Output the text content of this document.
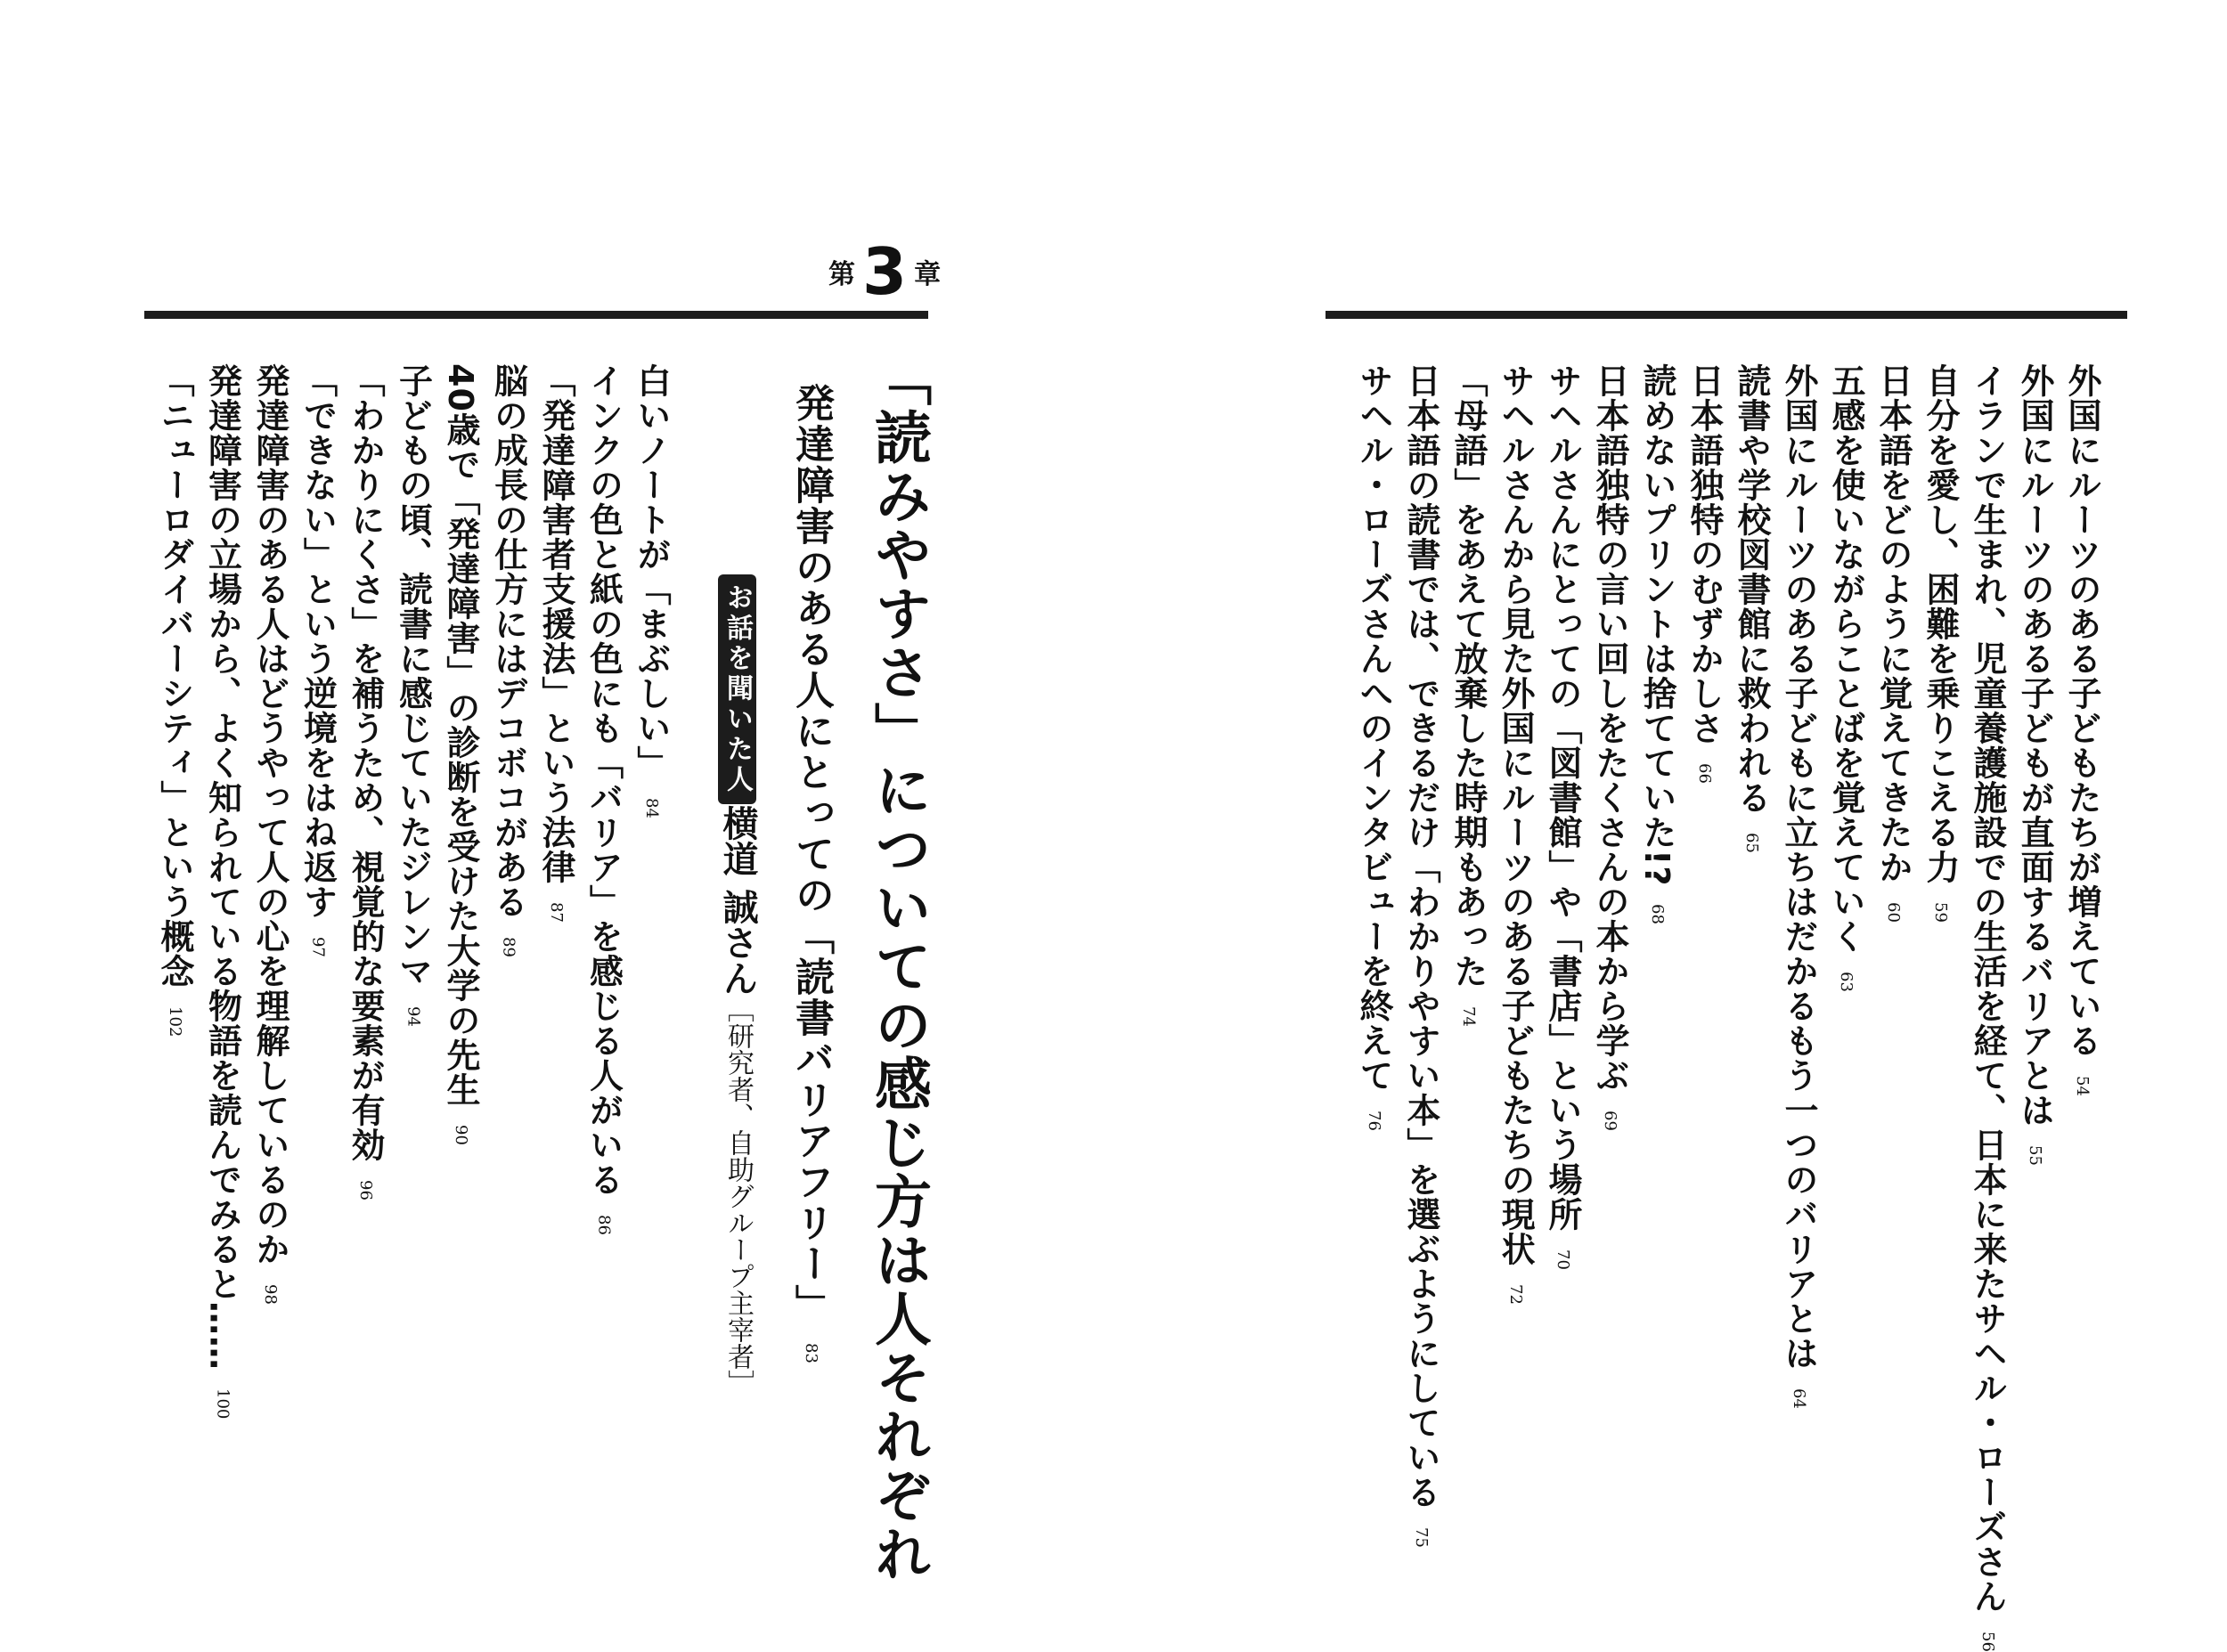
第 3 章
「読みやすさ」についての感じ方は人それぞれ
発達障害のある人にとっての「読書バリアフリー」83
お話を聞いた人
横道 誠さん［研究者、自助グループ主宰者］
白いノートが「まぶしい」84
インクの色と紙の色にも「バリア」を感じる人がいる86
「発達障害者支援法」という法律87
脳の成長の仕方にはデコボコがある89
40歳で「発達障害」の診断を受けた大学の先生90
子どもの頃、読書に感じていたジレンマ94
「わかりにくさ」を補うため、視覚的な要素が有効96
「できない」という逆境をはね返す97
発達障害のある人はどうやって人の心を理解しているのか98
発達障害の立場から、よく知られている物語を読んでみると……100
「ニューロダイバーシティ」という概念102	外国にルーツのある子どもたちが増えている54
外国にルーツのある子どもが直面するバリアとは55
イランで生まれ、児童養護施設での生活を経て、日本に来たサヘル・ローズさん56
自分を愛し、困難を乗りこえる力59
日本語をどのように覚えてきたか60
五感を使いながらことばを覚えていく63
外国にルーツのある子どもに立ちはだかるもう一つのバリアとは64
読書や学校図書館に救われる65
日本語独特のむずかしさ66
読めないプリントは捨てていた!?68
日本語独特の言い回しをたくさんの本から学ぶ69
サヘルさんにとっての「図書館」や「書店」という場所70
サヘルさんから見た外国にルーツのある子どもたちの現状72
「母語」をあえて放棄した時期もあった74
日本語の読書では、できるだけ「わかりやすい本」を選ぶようにしている75
サヘル・ローズさんへのインタビューを終えて76
